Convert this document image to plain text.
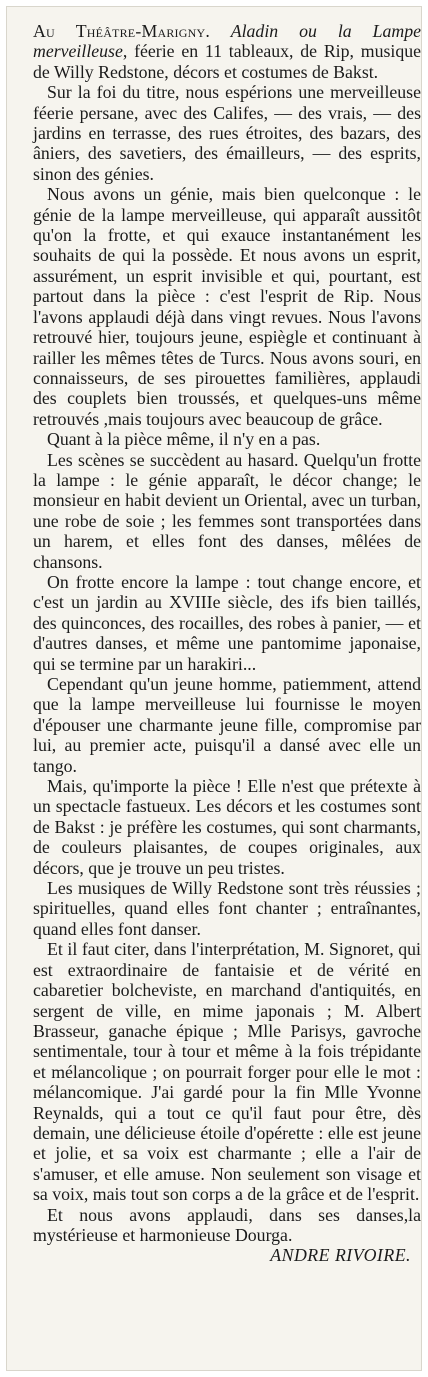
Au Théâtre-Marigny. Aladin ou la Lampe merveilleuse, féerie en 11 tableaux, de Rip, musique de Willy Redstone, décors et costumes de Bakst.

Sur la foi du titre, nous espérions une merveilleuse féerie persane, avec des Califes, — des vrais, — des jardins en terrasse, des rues étroites, des bazars, des âniers, des savetiers, des émailleurs, — des esprits, sinon des génies.

Nous avons un génie, mais bien quelconque : le génie de la lampe merveilleuse, qui apparaît aussitôt qu'on la frotte, et qui exauce instantanément les souhaits de qui la possède. Et nous avons un esprit, assurément, un esprit invisible et qui, pourtant, est partout dans la pièce : c'est l'esprit de Rip. Nous l'avons applaudi déjà dans vingt revues. Nous l'avons retrouvé hier, toujours jeune, espiègle et continuant à railler les mêmes têtes de Turcs. Nous avons souri, en connaisseurs, de ses pirouettes familières, applaudi des couplets bien troussés, et quelques-uns même retrouvés ,mais toujours avec beaucoup de grâce.

Quant à la pièce même, il n'y en a pas.

Les scènes se succèdent au hasard. Quelqu'un frotte la lampe : le génie apparaît, le décor change; le monsieur en habit devient un Oriental, avec un turban, une robe de soie ; les femmes sont transportées dans un harem, et elles font des danses, mêlées de chansons.

On frotte encore la lampe : tout change encore, et c'est un jardin au XVIIIe siècle, des ifs bien taillés, des quinconces, des rocailles, des robes à panier, — et d'autres danses, et même une pantomime japonaise, qui se termine par un harakiri...

Cependant qu'un jeune homme, patiemment, attend que la lampe merveilleuse lui fournisse le moyen d'épouser une charmante jeune fille, compromise par lui, au premier acte, puisqu'il a dansé avec elle un tango.

Mais, qu'importe la pièce ! Elle n'est que prétexte à un spectacle fastueux. Les décors et les costumes sont de Bakst : je préfère les costumes, qui sont charmants, de couleurs plaisantes, de coupes originales, aux décors, que je trouve un peu tristes.

Les musiques de Willy Redstone sont très réussies ; spirituelles, quand elles font chanter ; entraînantes, quand elles font danser.

Et il faut citer, dans l'interprétation, M. Signoret, qui est extraordinaire de fantaisie et de vérité en cabaretier bolcheviste, en marchand d'antiquités, en sergent de ville, en mime japonais ; M. Albert Brasseur, ganache épique ; Mlle Parisys, gavroche sentimentale, tour à tour et même à la fois trépidante et mélancolique ; on pourrait forger pour elle le mot : mélancomique. J'ai gardé pour la fin Mlle Yvonne Reynalds, qui a tout ce qu'il faut pour être, dès demain, une délicieuse étoile d'opérette : elle est jeune et jolie, et sa voix est charmante ; elle a l'air de s'amuser, et elle amuse. Non seulement son visage et sa voix, mais tout son corps a de la grâce et de l'esprit.

Et nous avons applaudi, dans ses danses,la mystérieuse et harmonieuse Dourga.

ANDRE RIVOIRE.
